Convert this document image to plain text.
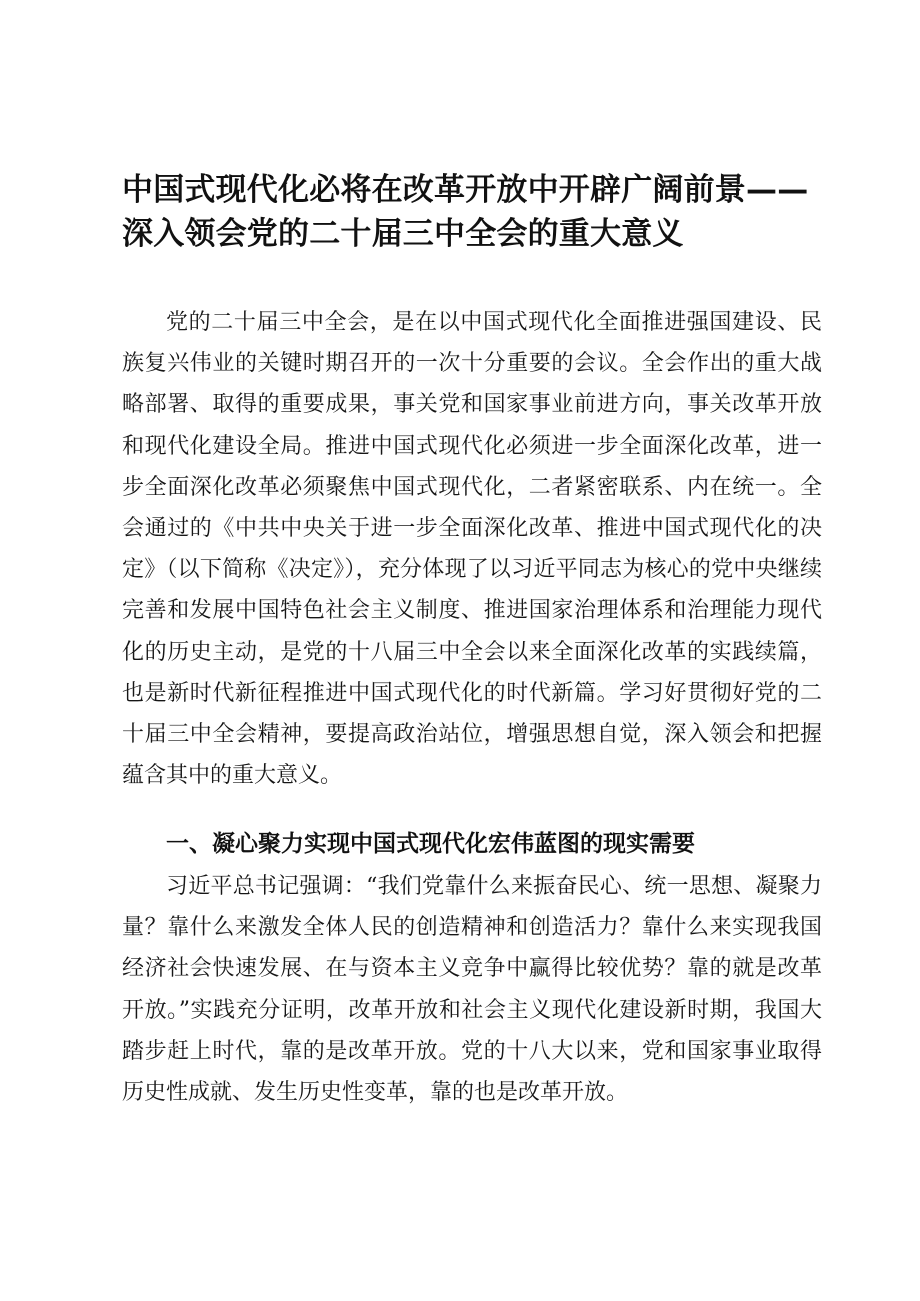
中国式现代化必将在改革开放中开辟广阔前景——
深入领会党的二十届三中全会的重大意义

党的二十届三中全会，是在以中国式现代化全面推进强国建设、民族复兴伟业的关键时期召开的一次十分重要的会议。全会作出的重大战略部署、取得的重要成果，事关党和国家事业前进方向，事关改革开放和现代化建设全局。推进中国式现代化必须进一步全面深化改革，进一步全面深化改革必须聚焦中国式现代化，二者紧密联系、内在统一。全会通过的《中共中央关于进一步全面深化改革、推进中国式现代化的决定》（以下简称《决定》），充分体现了以习近平同志为核心的党中央继续完善和发展中国特色社会主义制度、推进国家治理体系和治理能力现代化的历史主动，是党的十八届三中全会以来全面深化改革的实践续篇，也是新时代新征程推进中国式现代化的时代新篇。学习好贯彻好党的二十届三中全会精神，要提高政治站位，增强思想自觉，深入领会和把握蕴含其中的重大意义。

一、凝心聚力实现中国式现代化宏伟蓝图的现实需要

习近平总书记强调：“我们党靠什么来振奋民心、统一思想、凝聚力量？靠什么来激发全体人民的创造精神和创造活力？靠什么来实现我国经济社会快速发展、在与资本主义竞争中赢得比较优势？靠的就是改革开放。”实践充分证明，改革开放和社会主义现代化建设新时期，我国大踏步赶上时代，靠的是改革开放。党的十八大以来，党和国家事业取得历史性成就、发生历史性变革，靠的也是改革开放。
